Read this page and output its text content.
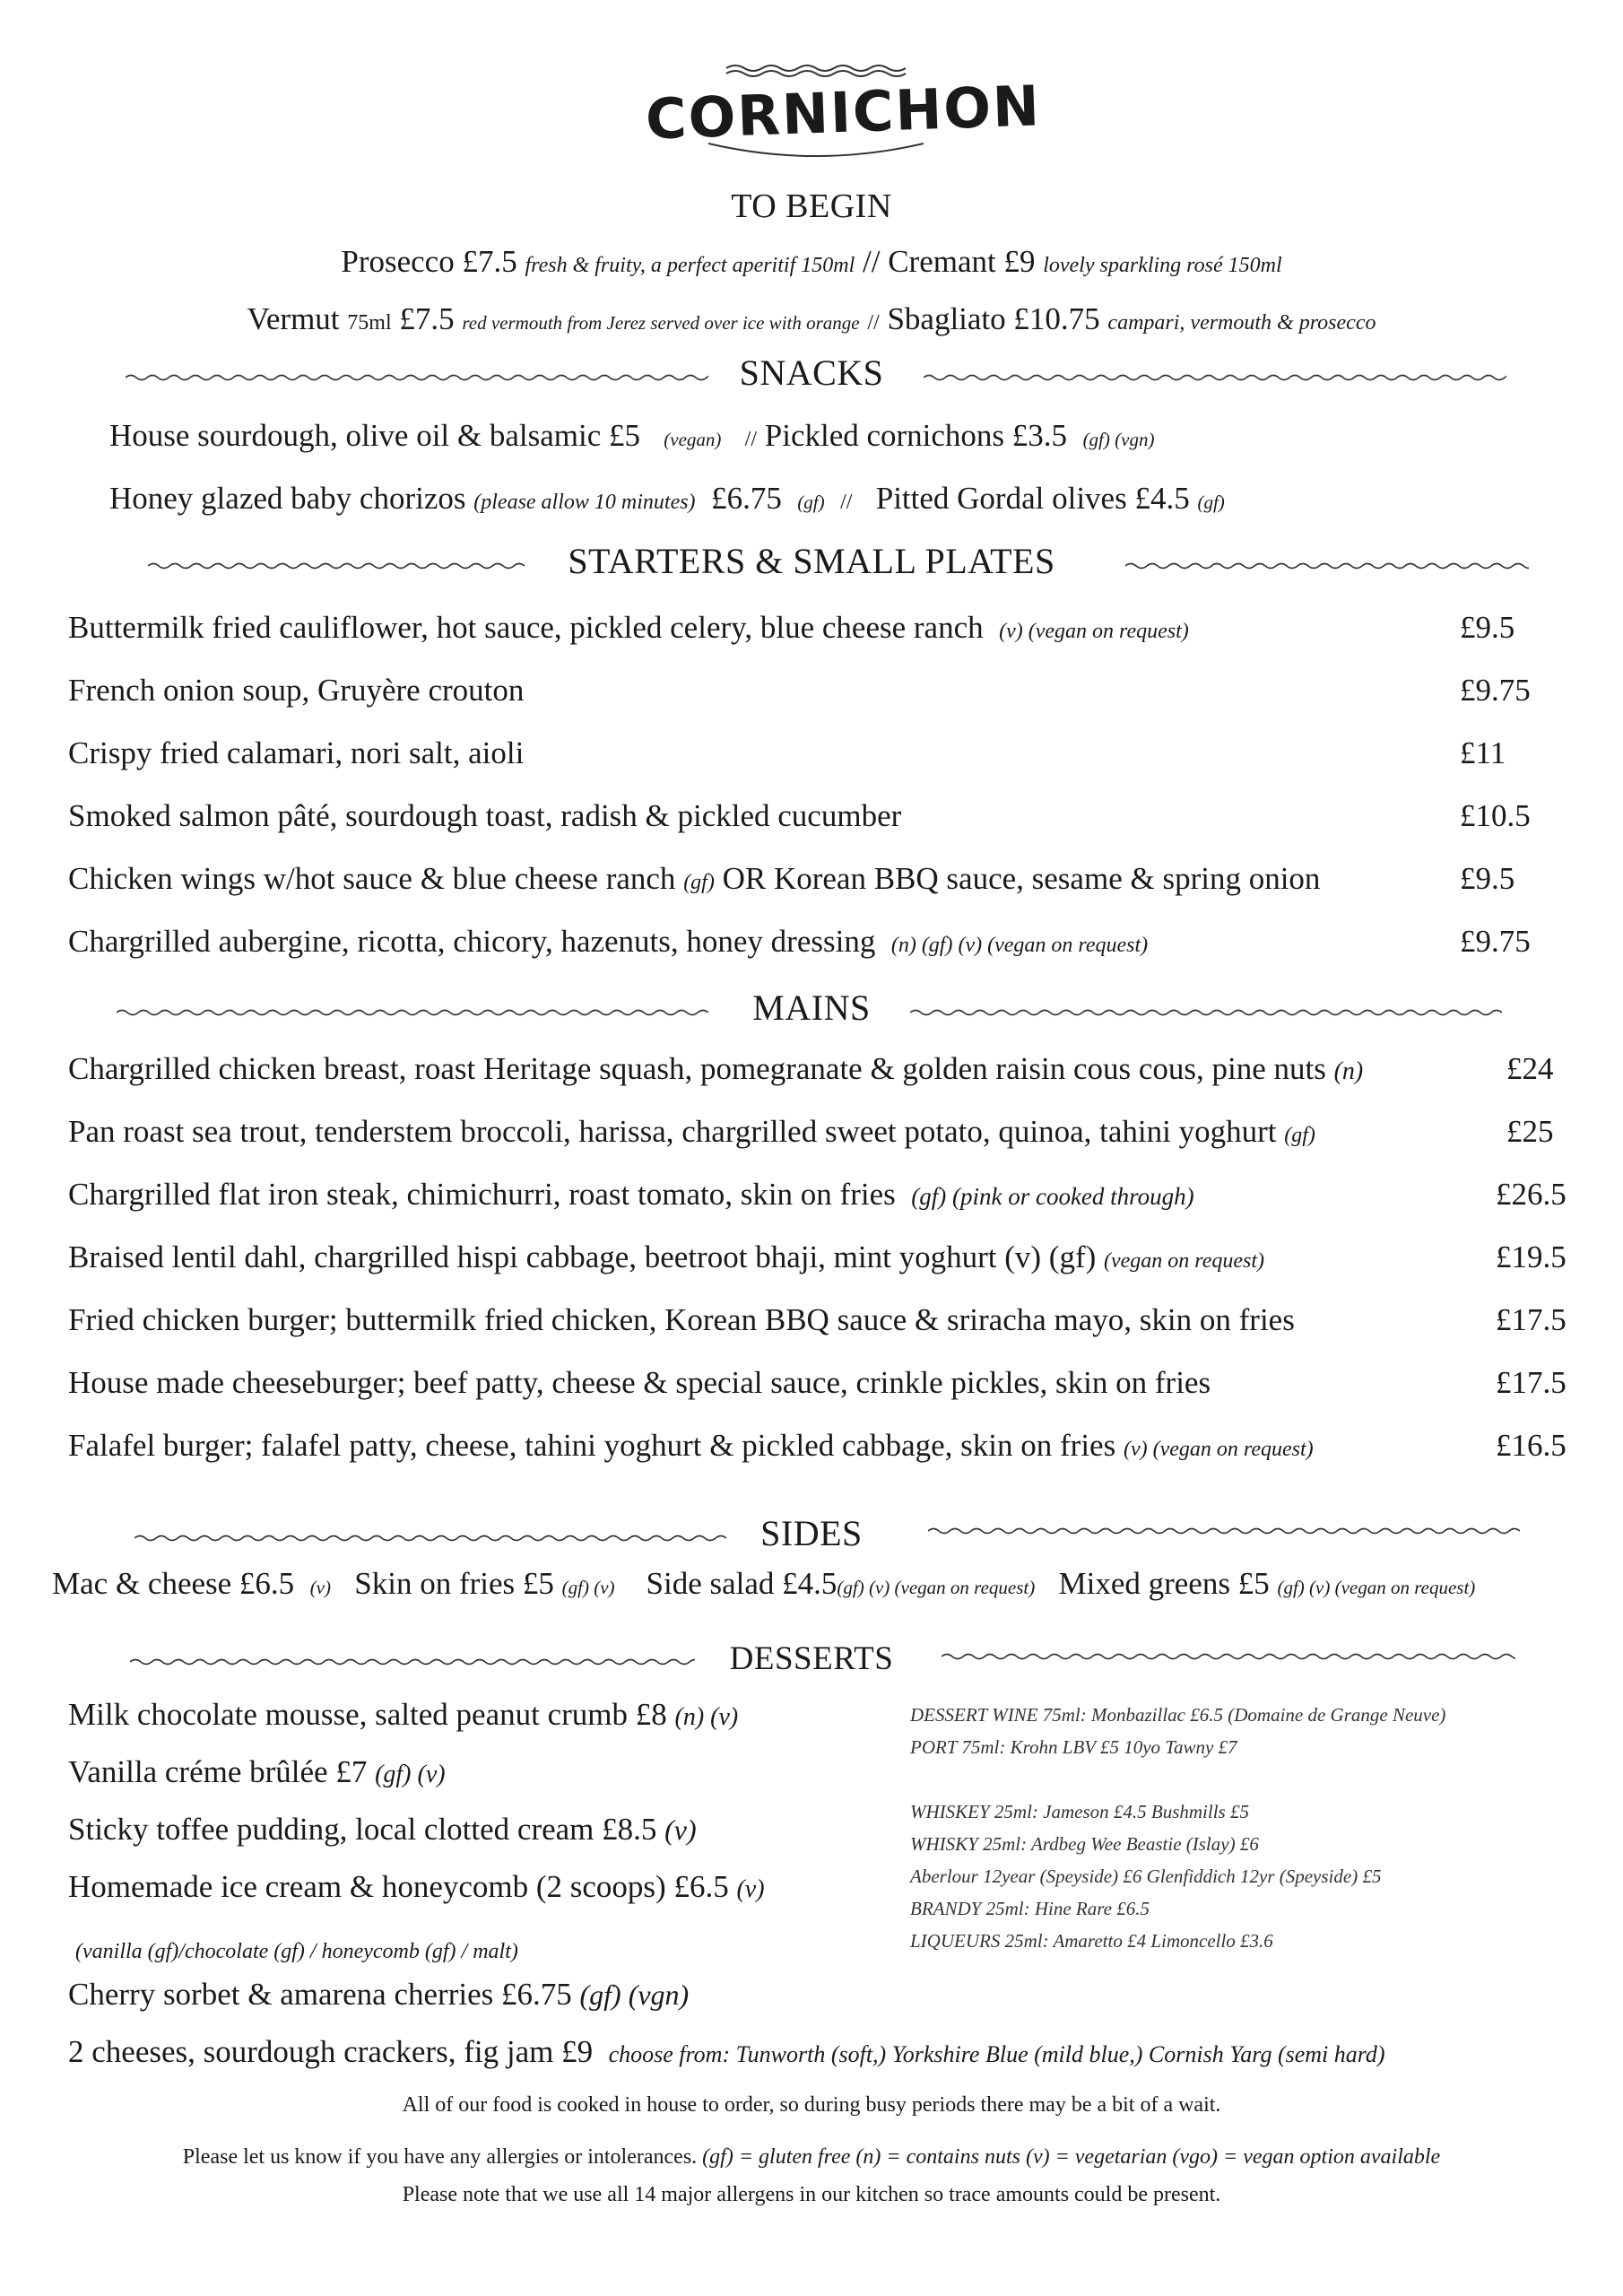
CORNICHON
TO BEGIN
Prosecco £7.5 fresh & fruity, a perfect aperitif 150ml // Cremant £9 lovely sparkling rosé 150ml
Vermut 75ml £7.5 red vermouth from Jerez served over ice with orange // Sbagliato £10.75 campari, vermouth & prosecco
SNACKS
House sourdough, olive oil & balsamic £5 (vegan) // Pickled cornichons £3.5 (gf) (vgn)
Honey glazed baby chorizos (please allow 10 minutes) £6.75 (gf) // Pitted Gordal olives £4.5 (gf)
STARTERS & SMALL PLATES
Buttermilk fried cauliflower, hot sauce, pickled celery, blue cheese ranch (v) (vegan on request)	£9.5
French onion soup, Gruyère crouton	£9.75
Crispy fried calamari, nori salt, aioli	£11
Smoked salmon pâté, sourdough toast, radish & pickled cucumber	£10.5
Chicken wings w/hot sauce & blue cheese ranch (gf) OR Korean BBQ sauce, sesame & spring onion	£9.5
Chargrilled aubergine, ricotta, chicory, hazenuts, honey dressing (n) (gf) (v) (vegan on request)	£9.75
MAINS
Chargrilled chicken breast, roast Heritage squash, pomegranate & golden raisin cous cous, pine nuts (n)	£24
Pan roast sea trout, tenderstem broccoli, harissa, chargrilled sweet potato, quinoa, tahini yoghurt (gf)	£25
Chargrilled flat iron steak, chimichurri, roast tomato, skin on fries (gf) (pink or cooked through)	£26.5
Braised lentil dahl, chargrilled hispi cabbage, beetroot bhaji, mint yoghurt (v) (gf) (vegan on request)	£19.5
Fried chicken burger; buttermilk fried chicken, Korean BBQ sauce & sriracha mayo, skin on fries	£17.5
House made cheeseburger; beef patty, cheese & special sauce, crinkle pickles, skin on fries	£17.5
Falafel burger; falafel patty, cheese, tahini yoghurt & pickled cabbage, skin on fries (v) (vegan on request)	£16.5
SIDES
Mac & cheese £6.5 (v) Skin on fries £5 (gf) (v) Side salad £4.5(gf) (v) (vegan on request) Mixed greens £5 (gf) (v) (vegan on request)
DESSERTS
Milk chocolate mousse, salted peanut crumb £8 (n) (v)
Vanilla créme brûlée £7 (gf) (v)
Sticky toffee pudding, local clotted cream £8.5 (v)
Homemade ice cream & honeycomb (2 scoops) £6.5 (v)
(vanilla (gf)/chocolate (gf) / honeycomb (gf) / malt)
Cherry sorbet & amarena cherries £6.75 (gf) (vgn)
DESSERT WINE 75ml: Monbazillac £6.5 (Domaine de Grange Neuve)
PORT 75ml: Krohn LBV £5 10yo Tawny £7
WHISKEY 25ml: Jameson £4.5 Bushmills £5
WHISKY 25ml: Ardbeg Wee Beastie (Islay) £6
Aberlour 12year (Speyside) £6 Glenfiddich 12yr (Speyside) £5
BRANDY 25ml: Hine Rare £6.5
LIQUEURS 25ml: Amaretto £4 Limoncello £3.6
2 cheeses, sourdough crackers, fig jam £9 choose from: Tunworth (soft,) Yorkshire Blue (mild blue,) Cornish Yarg (semi hard)
All of our food is cooked in house to order, so during busy periods there may be a bit of a wait.
Please let us know if you have any allergies or intolerances. (gf) = gluten free (n) = contains nuts (v) = vegetarian (vgo) = vegan option available
Please note that we use all 14 major allergens in our kitchen so trace amounts could be present.
